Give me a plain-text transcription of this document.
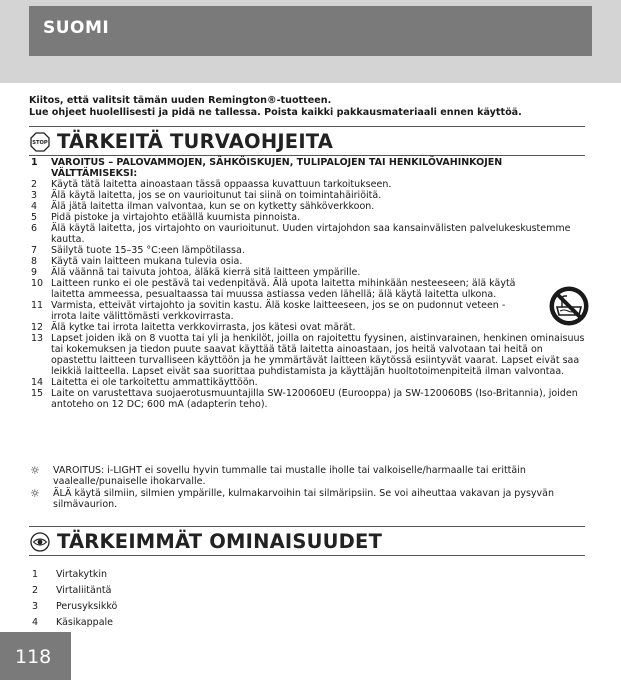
SUOMI
Kiitos, että valitsit tämän uuden Remington®-tuotteen.
Lue ohjeet huolellisesti ja pidä ne tallessa. Poista kaikki pakkausmateriaali ennen käyttöä.
STOP TÄRKEITÄ TURVAOHJEITA
1	VAROITUS – PALOVAMMOJEN, SÄHKÖISKUJEN, TULIPALOJEN TAI HENKILÖVAHINKOJEN VÄLTTÄMISEKSI:
2	Käytä tätä laitetta ainoastaan tässä oppaassa kuvattuun tarkoitukseen.
3	Älä käytä laitetta, jos se on vaurioitunut tai siinä on toimintahäiriöitä.
4	Älä jätä laitetta ilman valvontaa, kun se on kytketty sähköverkkoon.
5	Pidä pistoke ja virtajohto etäällä kuumista pinnoista.
6	Älä käytä laitetta, jos virtajohto on vaurioitunut. Uuden virtajohdon saa kansainvälisten palvelukeskustemme kautta.
7	Säilytä tuote 15–35 °C:een lämpötilassa.
8	Käytä vain laitteen mukana tulevia osia.
9	Älä väännä tai taivuta johtoa, äläkä kierrä sitä laitteen ympärille.
10 Laitteen runko ei ole pestävä tai vedenpitävä. Älä upota laitetta mihinkään nesteeseen; älä käytä laitetta ammeessa, pesualtaassa tai muussa astiassa veden lähellä; älä käytä laitetta ulkona.
11 Varmista, etteivät virtajohto ja sovitin kastu. Älä koske laitteeseen, jos se on pudonnut veteen - irrota laite välittömästi verkkovirrasta.
12 Älä kytke tai irrota laitetta verkkovirrasta, jos kätesi ovat märät.
13 Lapset joiden ikä on 8 vuotta tai yli ja henkilöt, joilla on rajoitettu fyysinen, aistinvarainen, henkinen ominaisuus tai kokemuksen ja tiedon puute saavat käyttää tätä laitetta ainoastaan, jos heitä valvotaan tai heitä on opastettu laitteen turvalliseen käyttöön ja he ymmärtävät laitteen käytössä esiintyvät vaarat. Lapset eivät saa leikkiä laitteella. Lapset eivät saa suorittaa puhdistamista ja käyttäjän huoltotoimenpiteitä ilman valvontaa.
14 Laitetta ei ole tarkoitettu ammattikäyttöön.
15 Laite on varustettava suojaerotusmuuntajilla SW-120060EU (Eurooppa) ja SW-120060BS (Iso-Britannia), joiden antoteho on 12 DC; 600 mA (adapterin teho).
☼	VAROITUS: i-LIGHT ei sovellu hyvin tummalle tai mustalle iholle tai valkoiselle/harmaalle tai erittäin vaalealle/punaiselle ihokarvalle.
☼	ÄLÄ käytä silmiin, silmien ympärille, kulmakarvoihin tai silmäripsiin. Se voi aiheuttaa vakavan ja pysyvän silmävaurion.
TÄRKEIMMÄT OMINAISUUDET
1	Virtakytkin
2	Virtaliitäntä
3	Perusyksikkö
4	Käsikappale
118
